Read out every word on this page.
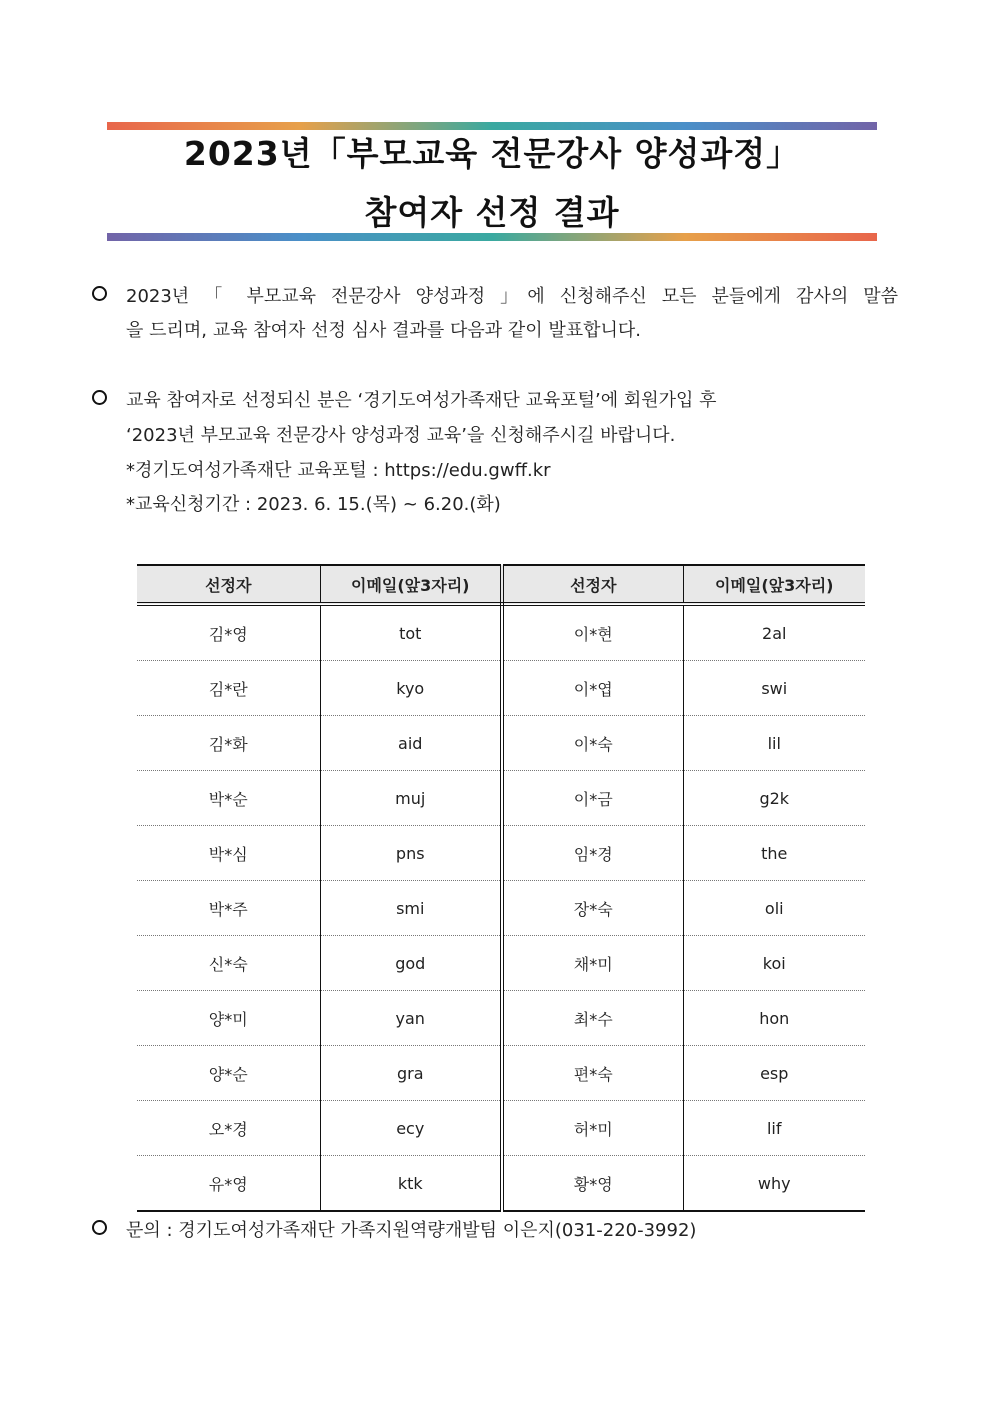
2023년「부모교육 전문강사 양성과정」
참여자 선정 결과
2023년 「 부모교육 전문강사 양성과정 」에 신청해주신 모든 분들에게 감사의 말씀
을 드리며, 교육 참여자 선정 심사 결과를 다음과 같이 발표합니다.
교육 참여자로 선정되신 분은 ‘경기도여성가족재단 교육포털’에 회원가입 후
‘2023년 부모교육 전문강사 양성과정 교육’을 신청해주시길 바랍니다.
*경기도여성가족재단 교육포털 : https://edu.gwff.kr
*교육신청기간 : 2023. 6. 15.(목) ~ 6.20.(화)
선정자	이메일(앞3자리)	선정자	이메일(앞3자리)
김*영	tot	이*현	2al
김*란	kyo	이*엽	swi
김*화	aid	이*숙	lil
박*순	muj	이*금	g2k
박*심	pns	임*경	the
박*주	smi	장*숙	oli
신*숙	god	채*미	koi
양*미	yan	최*수	hon
양*순	gra	편*숙	esp
오*경	ecy	허*미	lif
유*영	ktk	황*영	why
문의 : 경기도여성가족재단 가족지원역량개발팀 이은지(031-220-3992)
